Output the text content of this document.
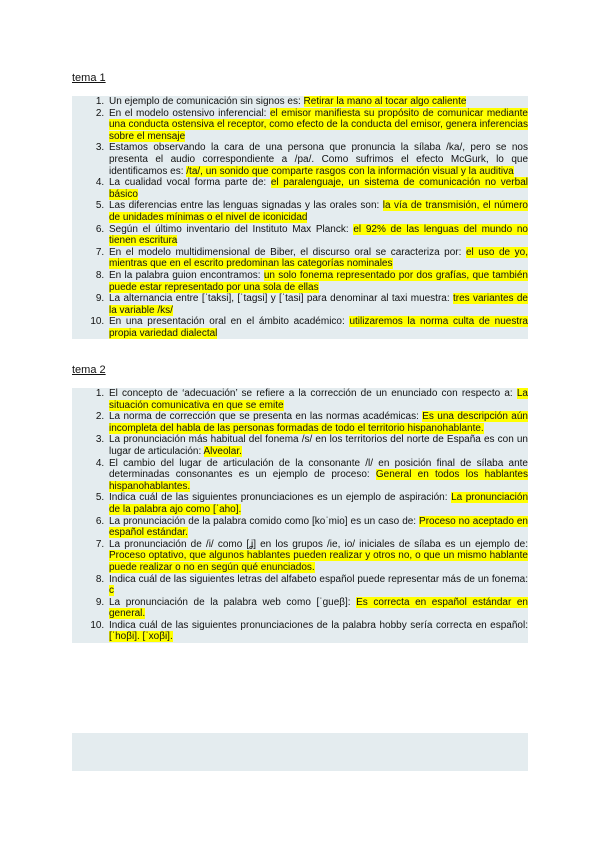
tema 1
1. Un ejemplo de comunicación sin signos es: Retirar la mano al tocar algo caliente
2. En el modelo ostensivo inferencial: el emisor manifiesta su propósito de comunicar mediante una conducta ostensiva el receptor, como efecto de la conducta del emisor, genera inferencias sobre el mensaje
3. Estamos observando la cara de una persona que pronuncia la sílaba /ka/, pero se nos presenta el audio correspondiente a /pa/. Como sufrimos el efecto McGurk, lo que identificamos es: /ta/, un sonido que comparte rasgos con la información visual y la auditiva
4. La cualidad vocal forma parte de: el paralenguaje, un sistema de comunicación no verbal básico
5. Las diferencias entre las lenguas signadas y las orales son: la vía de transmisión, el número de unidades mínimas o el nivel de iconicidad
6. Según el último inventario del Instituto Max Planck: el 92% de las lenguas del mundo no tienen escritura
7. En el modelo multidimensional de Biber, el discurso oral se caracteriza por: el uso de yo, mientras que en el escrito predominan las categorías nominales
8. En la palabra guion encontramos: un solo fonema representado por dos grafías, que también puede estar representado por una sola de ellas
9. La alternancia entre [ˈtaksi], [ˈtagsi] y [ˈtasi] para denominar al taxi muestra: tres variantes de la variable /ks/
10. En una presentación oral en el ámbito académico: utilizaremos la norma culta de nuestra propia variedad dialectal
tema 2
1. El concepto de ‘adecuación’ se refiere a la corrección de un enunciado con respecto a: La situación comunicativa en que se emite
2. La norma de corrección que se presenta en las normas académicas: Es una descripción aún incompleta del habla de las personas formadas de todo el territorio hispanohablante.
3. La pronunciación más habitual del fonema /s/ en los territorios del norte de España es con un lugar de articulación: Alveolar.
4. El cambio del lugar de articulación de la consonante /l/ en posición final de sílaba ante determinadas consonantes es un ejemplo de proceso: General en todos los hablantes hispanohablantes.
5. Indica cuál de las siguientes pronunciaciones es un ejemplo de aspiración: La pronunciación de la palabra ajo como [ˈaho].
6. La pronunciación de la palabra comido como [koˈmio] es un caso de: Proceso no aceptado en español estándar.
7. La pronunciación de /i/ como [ʝ] en los grupos /ie, io/ iniciales de sílaba es un ejemplo de: Proceso optativo, que algunos hablantes pueden realizar y otros no, o que un mismo hablante puede realizar o no en según qué enunciados.
8. Indica cuál de las siguientes letras del alfabeto español puede representar más de un fonema: c
9. La pronunciación de la palabra web como [ˈgueβ]: Es correcta en español estándar en general.
10. Indica cuál de las siguientes pronunciaciones de la palabra hobby sería correcta en español: [ˈhoβi]. [ˈxoβi].
